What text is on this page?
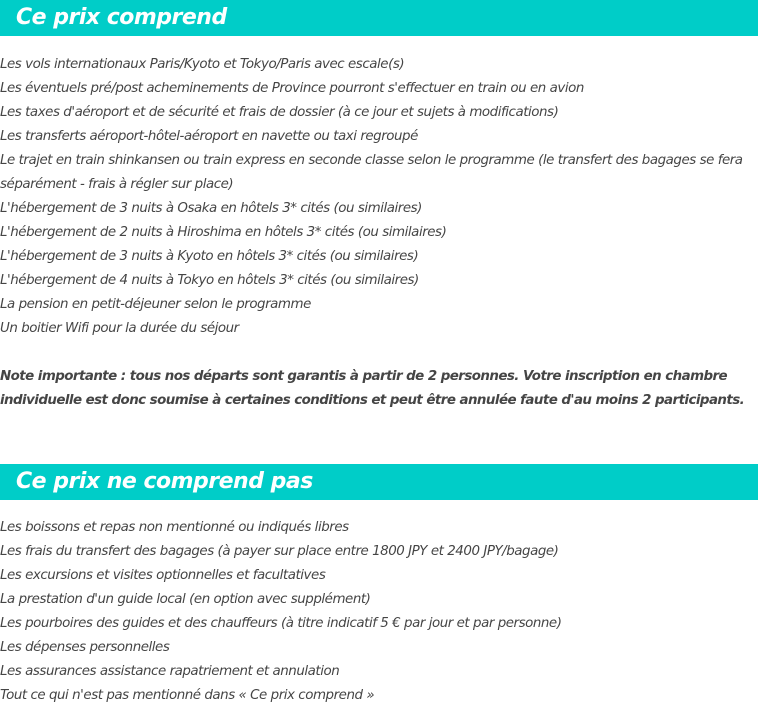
Ce prix comprend
Les vols internationaux Paris/Kyoto et Tokyo/Paris avec escale(s)
Les éventuels pré/post acheminements de Province pourront s'effectuer en train ou en avion
Les taxes d'aéroport et de sécurité et frais de dossier (à ce jour et sujets à modifications)
Les transferts aéroport-hôtel-aéroport en navette ou taxi regroupé
Le trajet en train shinkansen ou train express en seconde classe selon le programme (le transfert des bagages se fera séparément - frais à régler sur place)
L'hébergement de 3 nuits à Osaka en hôtels 3* cités (ou similaires)
L'hébergement de 2 nuits à Hiroshima en hôtels 3* cités (ou similaires)
L'hébergement de 3 nuits à Kyoto en hôtels 3* cités (ou similaires)
L'hébergement de 4 nuits à Tokyo en hôtels 3* cités (ou similaires)
La pension en petit-déjeuner selon le programme
Un boitier Wifi pour la durée du séjour

Note importante : tous nos départs sont garantis à partir de 2 personnes. Votre inscription en chambre individuelle est donc soumise à certaines conditions et peut être annulée faute d'au moins 2 participants.

Ce prix ne comprend pas
Les boissons et repas non mentionné ou indiqués libres
Les frais du transfert des bagages (à payer sur place entre 1800 JPY et 2400 JPY/bagage)
Les excursions et visites optionnelles et facultatives
La prestation d'un guide local (en option avec supplément)
Les pourboires des guides et des chauffeurs (à titre indicatif 5 € par jour et par personne)
Les dépenses personnelles
Les assurances assistance rapatriement et annulation
Tout ce qui n'est pas mentionné dans « Ce prix comprend »
